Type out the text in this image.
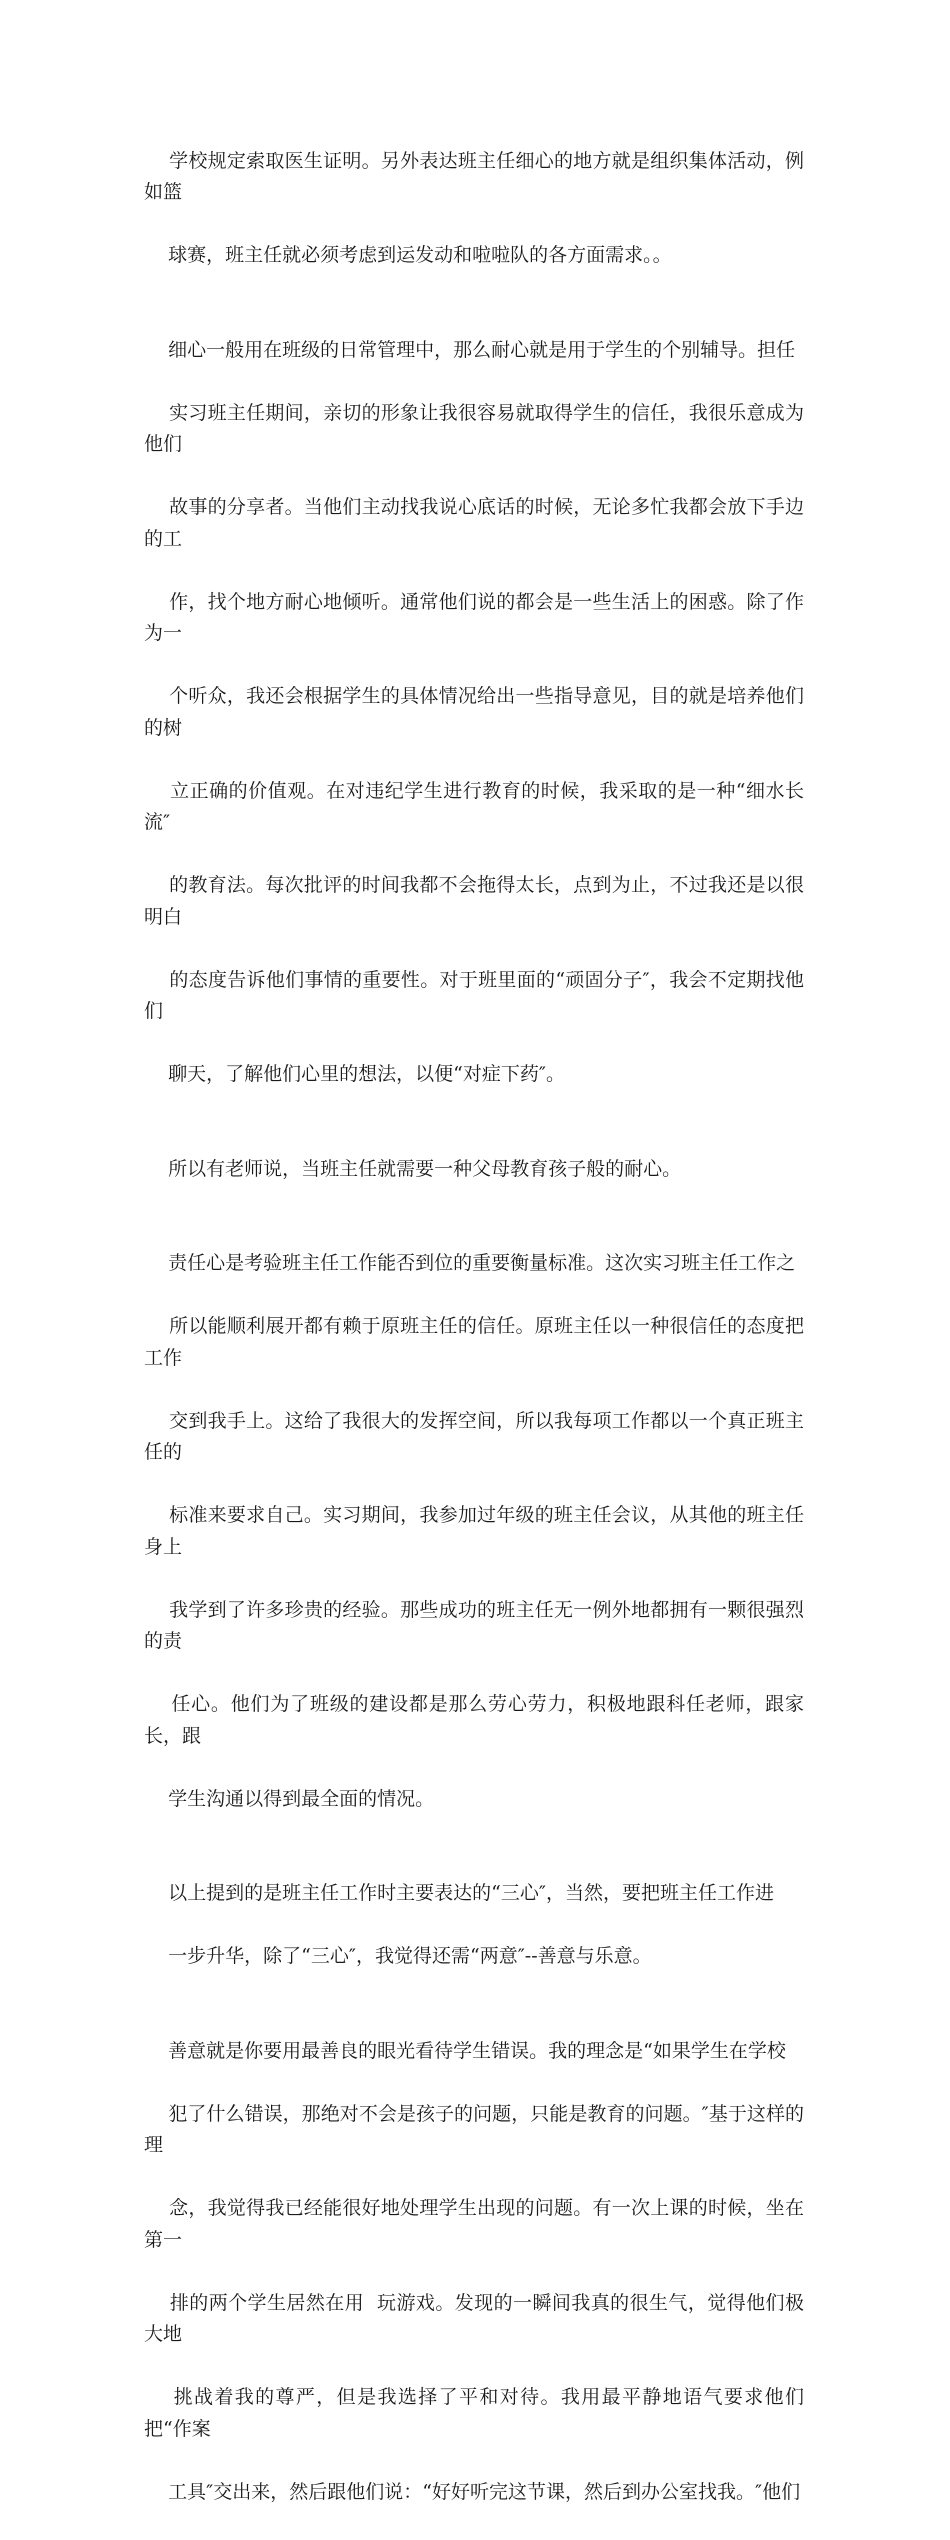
学校规定索取医生证明。另外表达班主任细心的地方就是组织集体活动，例如篮

球赛，班主任就必须考虑到运发动和啦啦队的各方面需求。。

细心一般用在班级的日常管理中，那么耐心就是用于学生的个别辅导。担任

实习班主任期间，亲切的形象让我很容易就取得学生的信任，我很乐意成为他们

故事的分享者。当他们主动找我说心底话的时候，无论多忙我都会放下手边的工

作，找个地方耐心地倾听。通常他们说的都会是一些生活上的困惑。除了作为一

个听众，我还会根据学生的具体情况给出一些指导意见，目的就是培养他们的树

立正确的价值观。在对违纪学生进行教育的时候，我采取的是一种“细水长流″

的教育法。每次批评的时间我都不会拖得太长，点到为止，不过我还是以很明白

的态度告诉他们事情的重要性。对于班里面的“顽固分子″，我会不定期找他们

聊天，了解他们心里的想法，以便“对症下药″。

所以有老师说，当班主任就需要一种父母教育孩子般的耐心。

责任心是考验班主任工作能否到位的重要衡量标准。这次实习班主任工作之

所以能顺利展开都有赖于原班主任的信任。原班主任以一种很信任的态度把工作

交到我手上。这给了我很大的发挥空间，所以我每项工作都以一个真正班主任的

标准来要求自己。实习期间，我参加过年级的班主任会议，从其他的班主任身上

我学到了许多珍贵的经验。那些成功的班主任无一例外地都拥有一颗很强烈的责

任心。他们为了班级的建设都是那么劳心劳力，积极地跟科任老师，跟家长，跟

学生沟通以得到最全面的情况。

以上提到的是班主任工作时主要表达的“三心″，当然，要把班主任工作进

一步升华，除了“三心″，我觉得还需“两意″--善意与乐意。

善意就是你要用最善良的眼光看待学生错误。我的理念是“如果学生在学校

犯了什么错误，那绝对不会是孩子的问题，只能是教育的问题。″基于这样的理

念，我觉得我已经能很好地处理学生出现的问题。有一次上课的时候，坐在第一

排的两个学生居然在用  玩游戏。发现的一瞬间我真的很生气，觉得他们极大地

挑战着我的尊严，但是我选择了平和对待。我用最平静地语气要求他们把“作案

工具″交出来，然后跟他们说：“好好听完这节课，然后到办公室找我。″他们
